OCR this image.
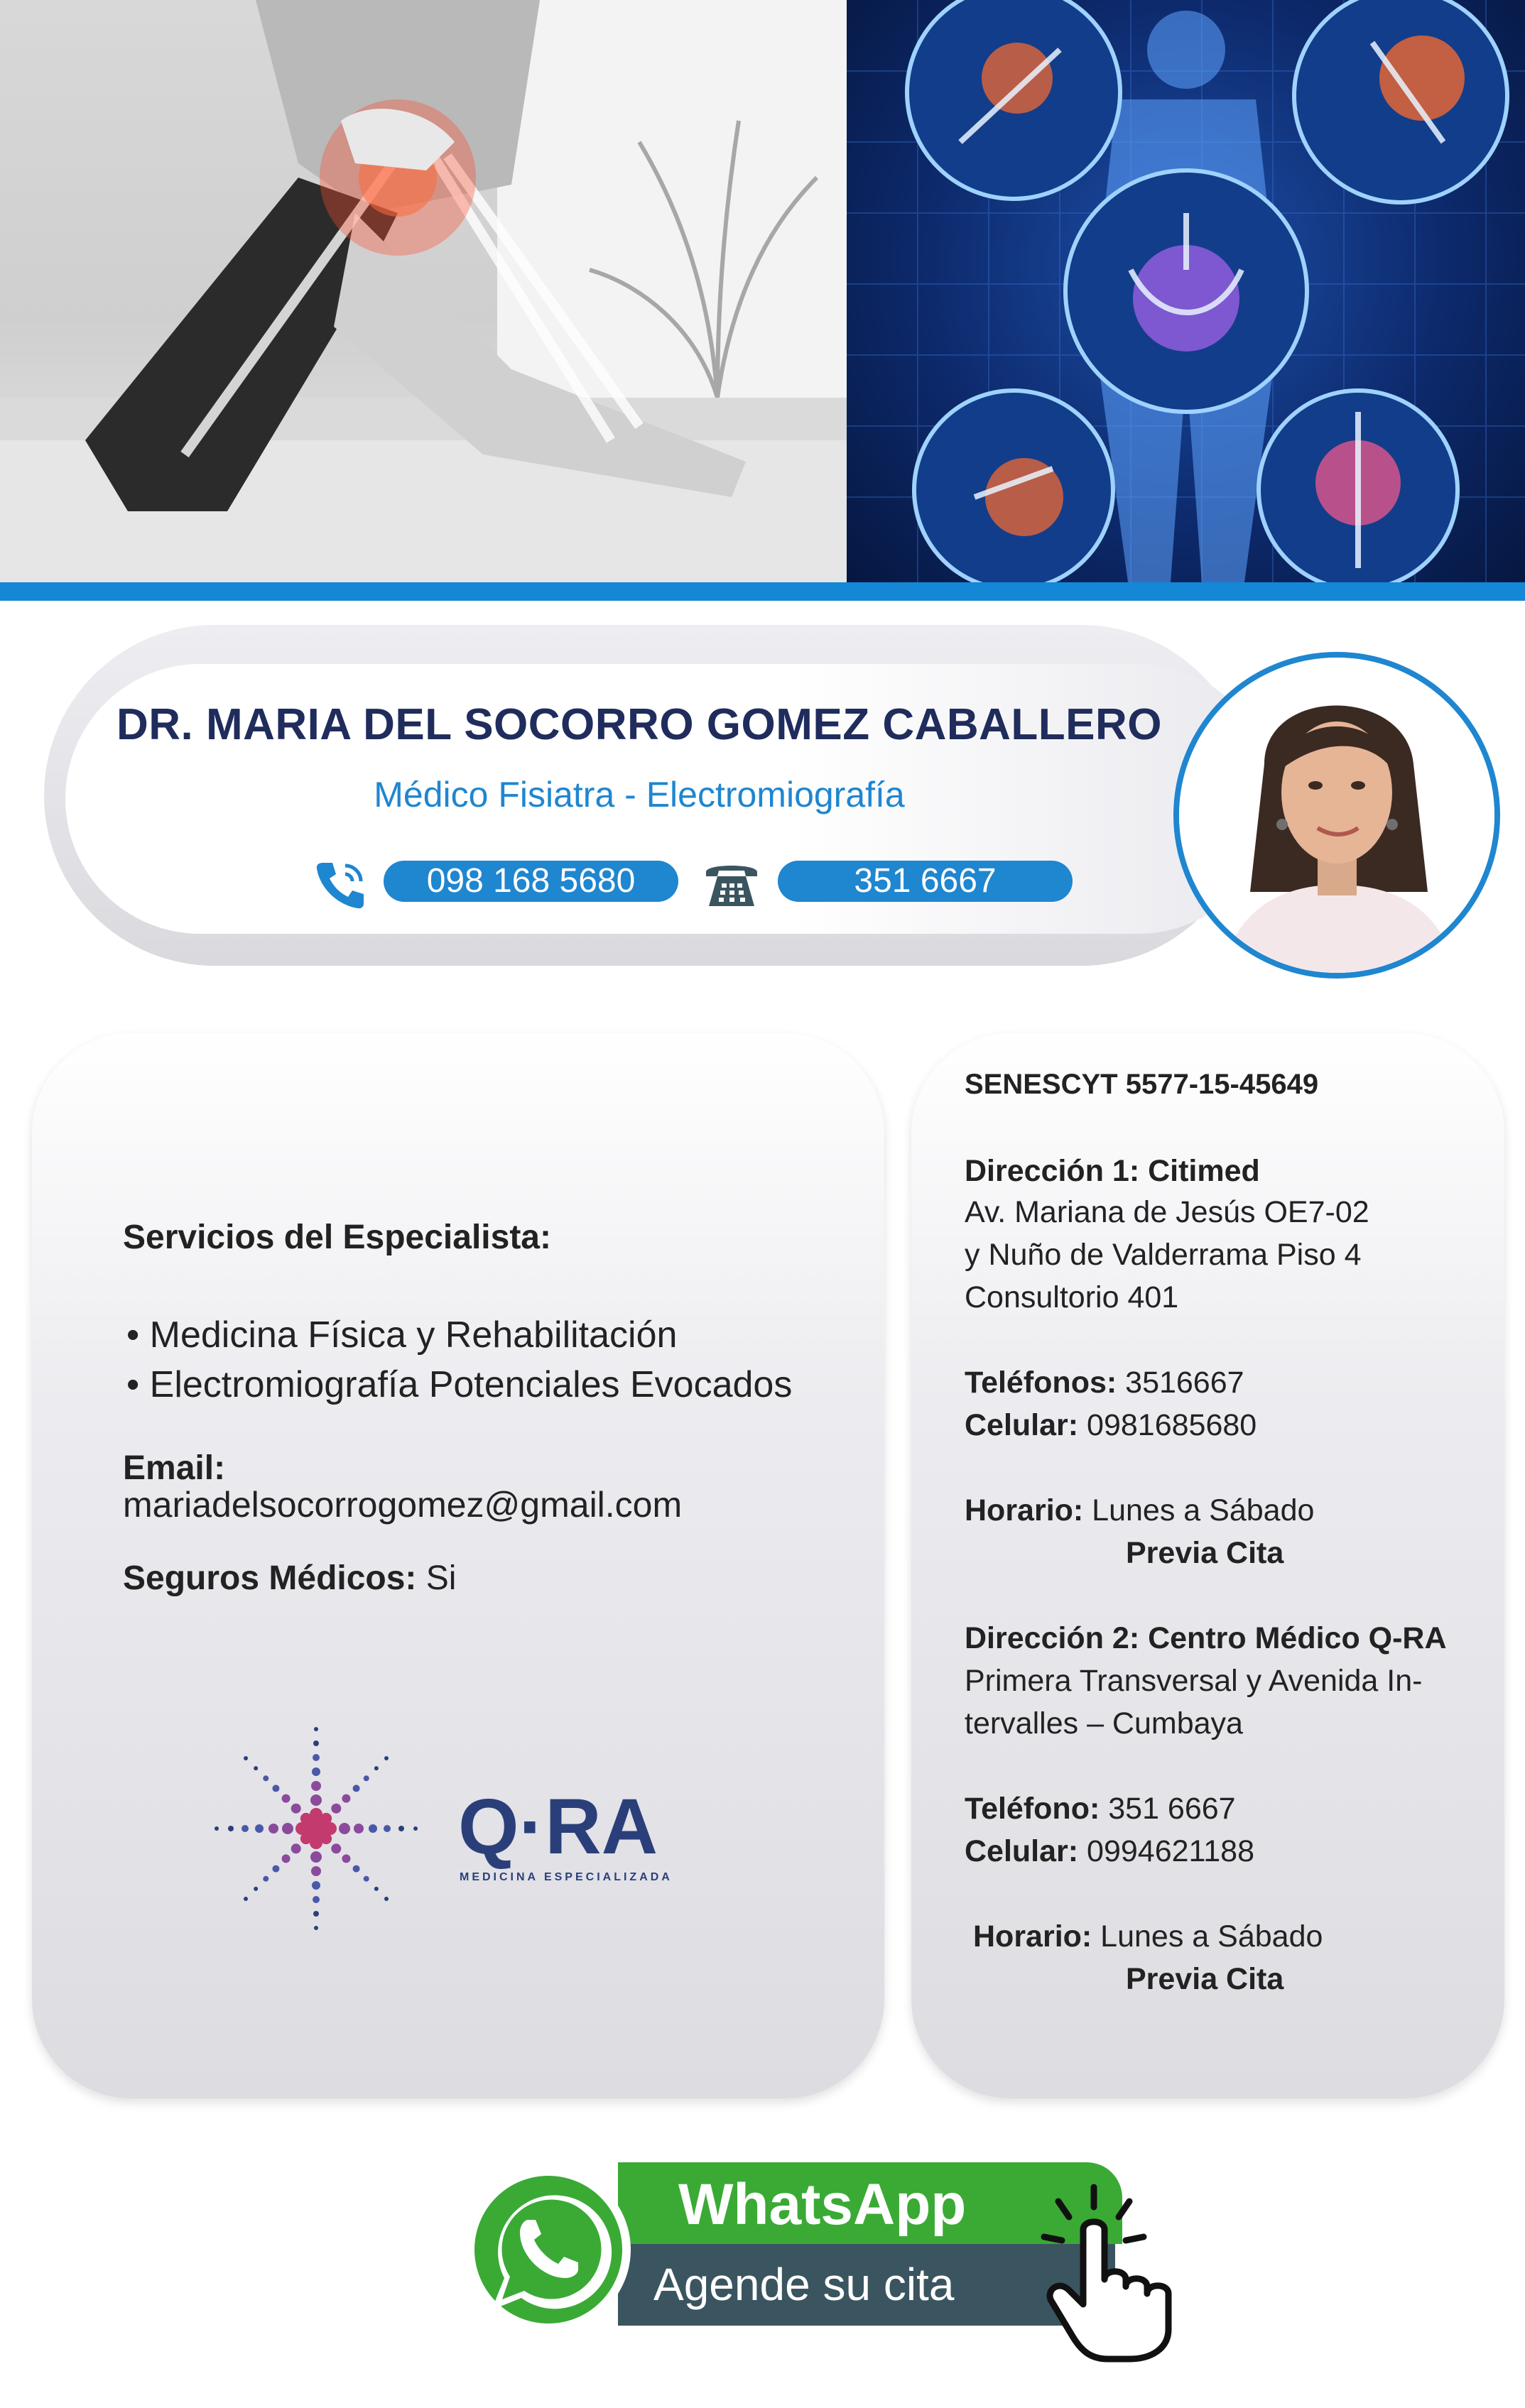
DR. MARIA DEL SOCORRO GOMEZ CABALLERO
Médico Fisiatra - Electromiografía
098 168 5680	351 6667
Servicios del Especialista:
• Medicina Física y Rehabilitación
• Electromiografía Potenciales Evocados
Email:
mariadelsocorrogomez@gmail.com
Seguros Médicos: Si
Q·RA
MEDICINA ESPECIALIZADA
SENESCYT 5577-15-45649
Dirección 1: Citimed
Av. Mariana de Jesús OE7-02
y Nuño de Valderrama Piso 4
Consultorio 401
Teléfonos: 3516667
Celular: 0981685680
Horario: Lunes a Sábado
Previa Cita
Dirección 2: Centro Médico Q-RA
Primera Transversal y Avenida In-
tervalles – Cumbaya
Teléfono: 351 6667
Celular: 0994621188
Horario: Lunes a Sábado
Previa Cita
WhatsApp
Agende su cita
